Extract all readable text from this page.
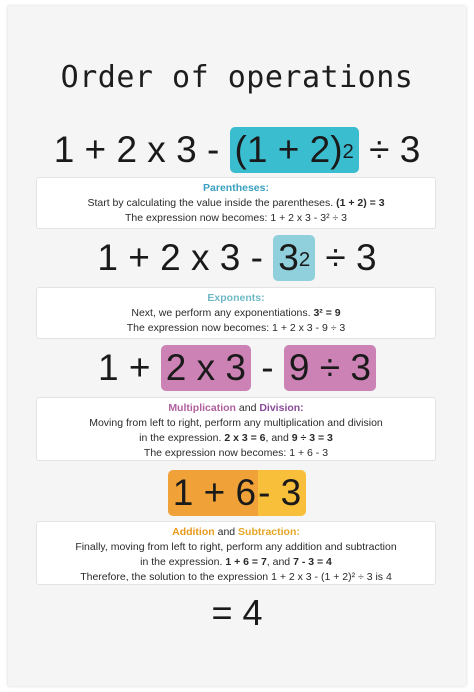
Order of operations
1 + 2 x $3 - (1 + 2)^2 \div 3$
Parentheses:
Start by calculating the value inside the parentheses. (1 + 2) = 3
The expression now becomes: 1 + 2 x 3 - 3² ÷ 3
1 + 2 x $3 - 3^2 \div 3$
Exponents:
Next, we perform any exponentiations. 3² = 9
The expression now becomes: 1 + 2 x 3 - 9 ÷ 3
1 + 2 x 3 - 9 ÷ 3
Multiplication and Division:
Moving from left to right, perform any multiplication and division
in the expression. 2 x 3 = 6, and 9 ÷ 3 = 3
The expression now becomes: 1 + 6 - 3
1 + 6- 3
Addition and Subtraction:
Finally, moving from left to right, perform any addition and subtraction
in the expression. 1 + 6 = 7, and 7 - 3 = 4
Therefore, the solution to the expression 1 + 2 x 3 - (1 + 2)² ÷ 3 is 4
= 4
